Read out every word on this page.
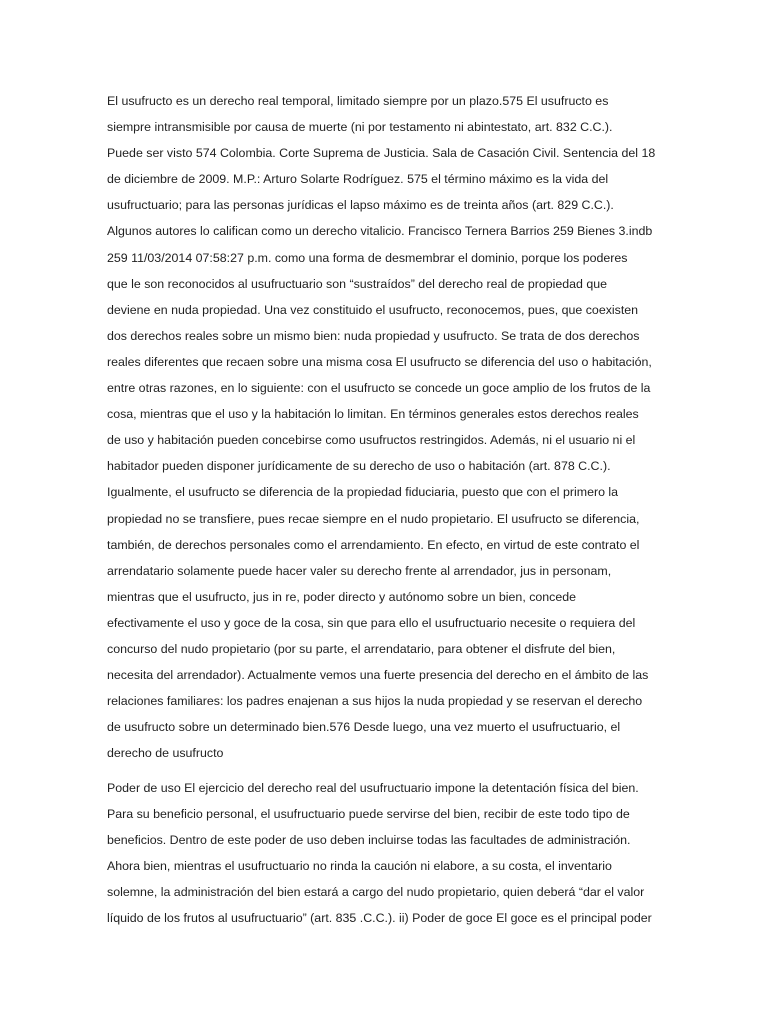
El usufructo es un derecho real temporal, limitado siempre por un plazo.575 El usufructo es
siempre intransmisible por causa de muerte (ni por testamento ni abintestato, art. 832 C.C.).
Puede ser visto 574 Colombia. Corte Suprema de Justicia. Sala de Casación Civil. Sentencia del 18
de diciembre de 2009. M.P.: Arturo Solarte Rodríguez. 575 el término máximo es la vida del
usufructuario; para las personas jurídicas el lapso máximo es de treinta años (art. 829 C.C.).
Algunos autores lo califican como un derecho vitalicio. Francisco Ternera Barrios 259 Bienes 3.indb
259 11/03/2014 07:58:27 p.m. como una forma de desmembrar el dominio, porque los poderes
que le son reconocidos al usufructuario son “sustraídos” del derecho real de propiedad que
deviene en nuda propiedad. Una vez constituido el usufructo, reconocemos, pues, que coexisten
dos derechos reales sobre un mismo bien: nuda propiedad y usufructo. Se trata de dos derechos
reales diferentes que recaen sobre una misma cosa El usufructo se diferencia del uso o habitación,
entre otras razones, en lo siguiente: con el usufructo se concede un goce amplio de los frutos de la
cosa, mientras que el uso y la habitación lo limitan. En términos generales estos derechos reales
de uso y habitación pueden concebirse como usufructos restringidos. Además, ni el usuario ni el
habitador pueden disponer jurídicamente de su derecho de uso o habitación (art. 878 C.C.).
Igualmente, el usufructo se diferencia de la propiedad fiduciaria, puesto que con el primero la
propiedad no se transfiere, pues recae siempre en el nudo propietario. El usufructo se diferencia,
también, de derechos personales como el arrendamiento. En efecto, en virtud de este contrato el
arrendatario solamente puede hacer valer su derecho frente al arrendador, jus in personam,
mientras que el usufructo, jus in re, poder directo y autónomo sobre un bien, concede
efectivamente el uso y goce de la cosa, sin que para ello el usufructuario necesite o requiera del
concurso del nudo propietario (por su parte, el arrendatario, para obtener el disfrute del bien,
necesita del arrendador). Actualmente vemos una fuerte presencia del derecho en el ámbito de las
relaciones familiares: los padres enajenan a sus hijos la nuda propiedad y se reservan el derecho
de usufructo sobre un determinado bien.576 Desde luego, una vez muerto el usufructuario, el
derecho de usufructo
Poder de uso El ejercicio del derecho real del usufructuario impone la detentación física del bien.
Para su beneficio personal, el usufructuario puede servirse del bien, recibir de este todo tipo de
beneficios. Dentro de este poder de uso deben incluirse todas las facultades de administración.
Ahora bien, mientras el usufructuario no rinda la caución ni elabore, a su costa, el inventario
solemne, la administración del bien estará a cargo del nudo propietario, quien deberá “dar el valor
líquido de los frutos al usufructuario” (art. 835 .C.C.). ii) Poder de goce El goce es el principal poder
